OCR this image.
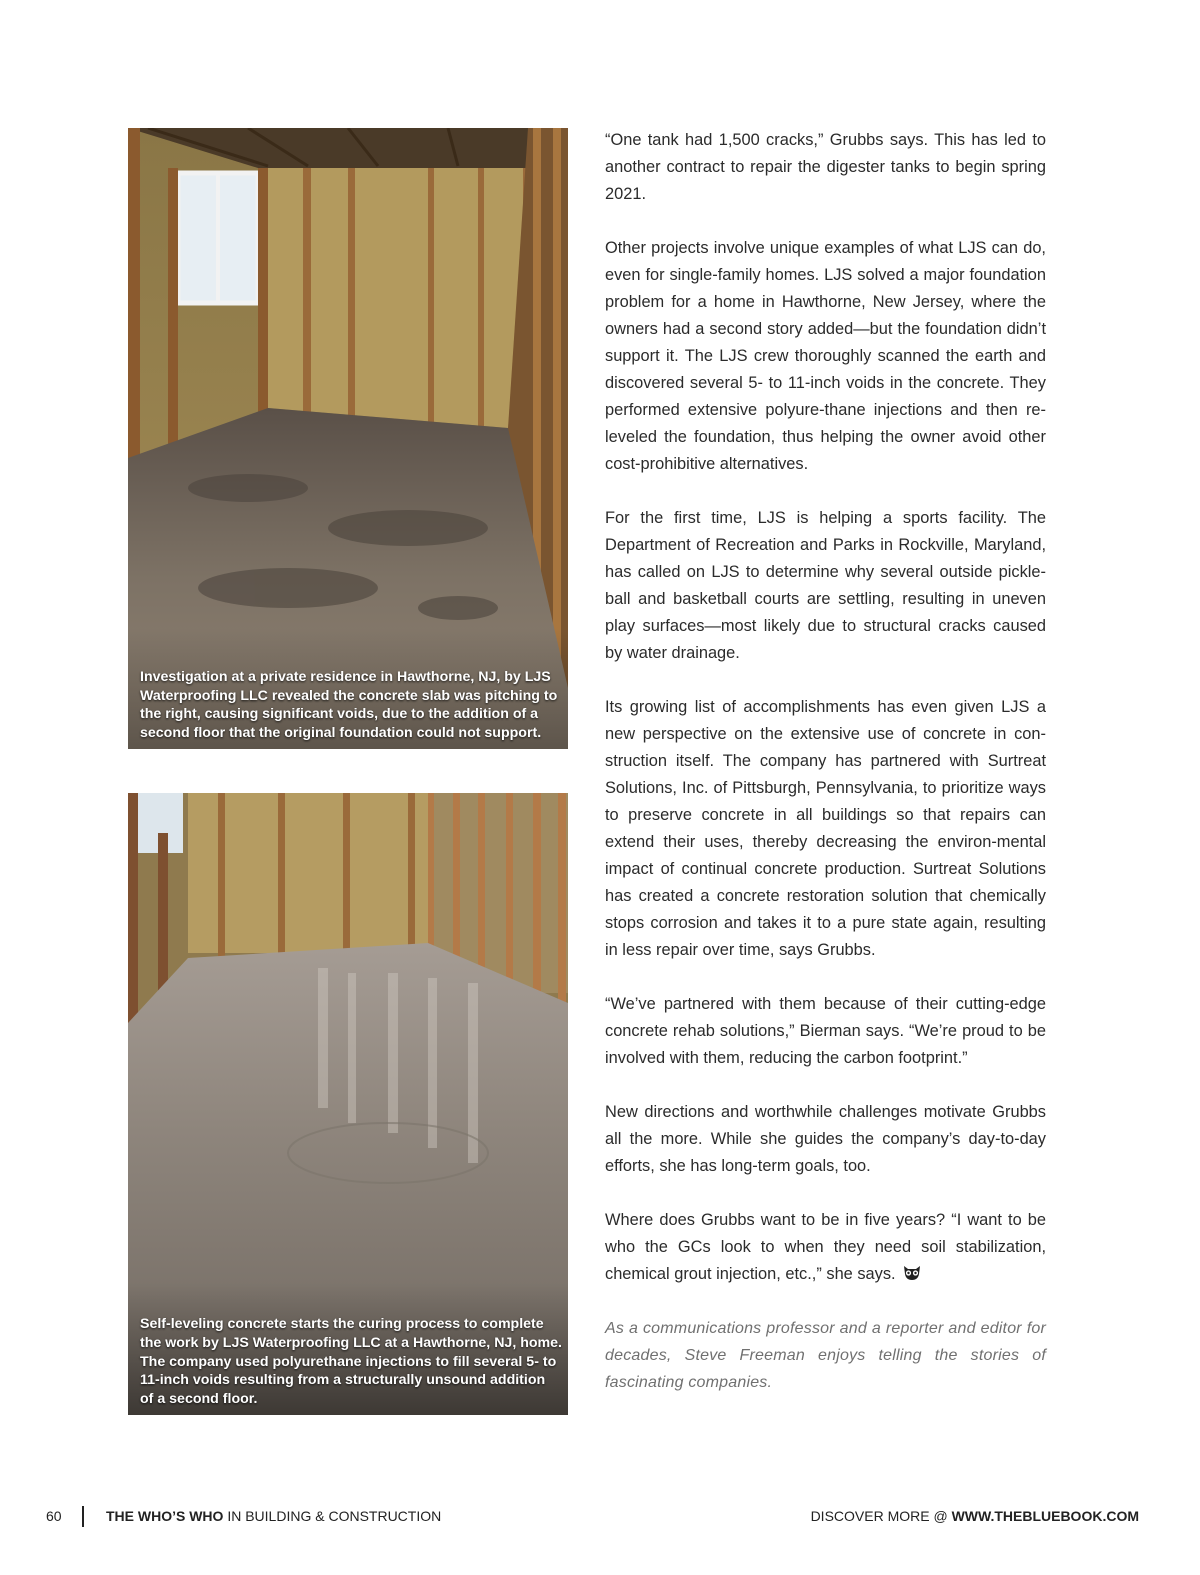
Investigation at a private residence in Hawthorne, NJ, by LJS Waterproofing LLC revealed the concrete slab was pitching to the right, causing significant voids, due to the addition of a second floor that the original foundation could not support.
Self-leveling concrete starts the curing process to complete the work by LJS Waterproofing LLC at a Hawthorne, NJ, home. The company used polyurethane injections to fill several 5- to 11-inch voids resulting from a structurally unsound addition of a second floor.

“One tank had 1,500 cracks,” Grubbs says. This has led to another contract to repair the digester tanks to begin spring 2021.

Other projects involve unique examples of what LJS can do, even for single-family homes. LJS solved a major foundation problem for a home in Hawthorne, New Jersey, where the owners had a second story added—but the foundation didn’t support it. The LJS crew thoroughly scanned the earth and discovered several 5- to 11-inch voids in the concrete. They performed extensive polyure-thane injections and then re-leveled the foundation, thus helping the owner avoid other cost-prohibitive alternatives.

For the first time, LJS is helping a sports facility. The Department of Recreation and Parks in Rockville, Maryland, has called on LJS to determine why several outside pickle-ball and basketball courts are settling, resulting in uneven play surfaces—most likely due to structural cracks caused by water drainage.

Its growing list of accomplishments has even given LJS a new perspective on the extensive use of concrete in con-struction itself. The company has partnered with Surtreat Solutions, Inc. of Pittsburgh, Pennsylvania, to prioritize ways to preserve concrete in all buildings so that repairs can extend their uses, thereby decreasing the environ-mental impact of continual concrete production. Surtreat Solutions has created a concrete restoration solution that chemically stops corrosion and takes it to a pure state again, resulting in less repair over time, says Grubbs.

“We’ve partnered with them because of their cutting-edge concrete rehab solutions,” Bierman says. “We’re proud to be involved with them, reducing the carbon footprint.”

New directions and worthwhile challenges motivate Grubbs all the more. While she guides the company’s day-to-day efforts, she has long-term goals, too.

Where does Grubbs want to be in five years? “I want to be who the GCs look to when they need soil stabilization, chemical grout injection, etc.,” she says.

As a communications professor and a reporter and editor for decades, Steve Freeman enjoys telling the stories of fascinating companies.

60	THE WHO’S WHO IN BUILDING & CONSTRUCTION	DISCOVER MORE @ WWW.THEBLUEBOOK.COM
